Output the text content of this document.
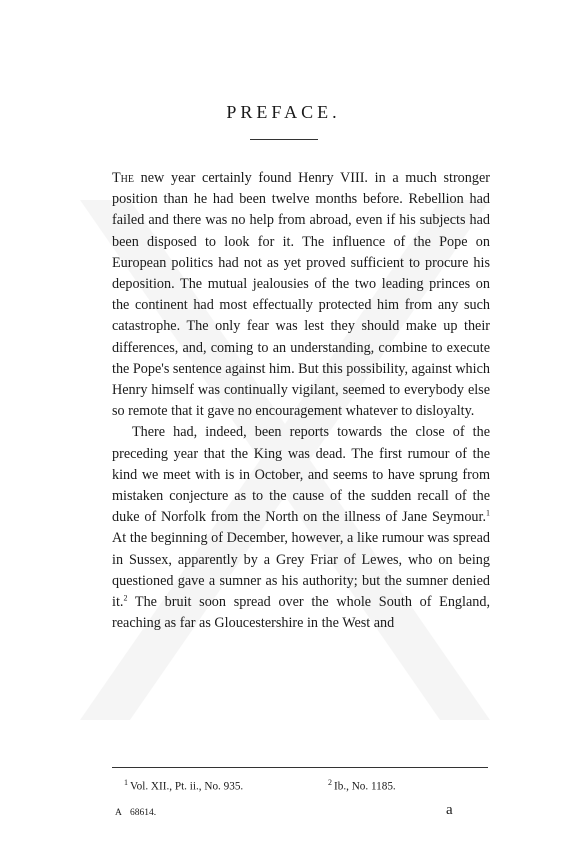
PREFACE.

The new year certainly found Henry VIII. in a much stronger position than he had been twelve months before. Rebellion had failed and there was no help from abroad, even if his subjects had been disposed to look for it. The influence of the Pope on European politics had not as yet proved sufficient to procure his deposition. The mutual jealousies of the two leading princes on the continent had most effectually protected him from any such catastrophe. The only fear was lest they should make up their differences, and, coming to an understanding, combine to execute the Pope's sentence against him. But this possibility, against which Henry himself was continually vigilant, seemed to everybody else so remote that it gave no encouragement whatever to disloyalty.

There had, indeed, been reports towards the close of the preceding year that the King was dead. The first rumour of the kind we meet with is in October, and seems to have sprung from mistaken conjecture as to the cause of the sudden recall of the duke of Norfolk from the North on the illness of Jane Seymour.$^1$ At the beginning of December, however, a like rumour was spread in Sussex, apparently by a Grey Friar of Lewes, who on being questioned gave a sumner as his authority; but the sumner denied it.$^2$ The bruit soon spread over the whole South of England, reaching as far as Gloucestershire in the West and

$^1$ Vol. XII., Pt. ii., No. 935.	$^2$ Ib., No. 1185.
A 68614.	a
